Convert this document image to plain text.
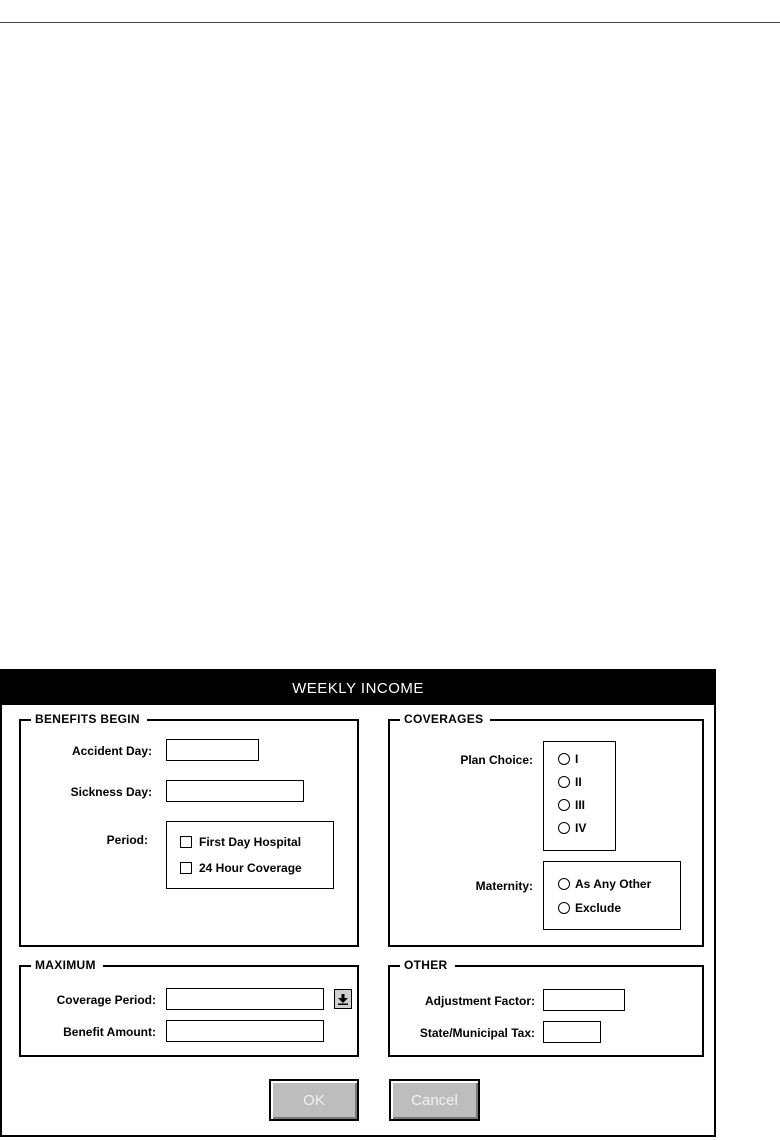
WEEKLY INCOME
BENEFITS BEGIN
Accident Day:
Sickness Day:
Period:	First Day Hospital
24 Hour Coverage
COVERAGES
Plan Choice:	I
II
III
IV
Maternity:	As Any Other
Exclude
MAXIMUM
Coverage Period:
Benefit Amount:
OTHER
Adjustment Factor:
State/Municipal Tax:
OK	Cancel
